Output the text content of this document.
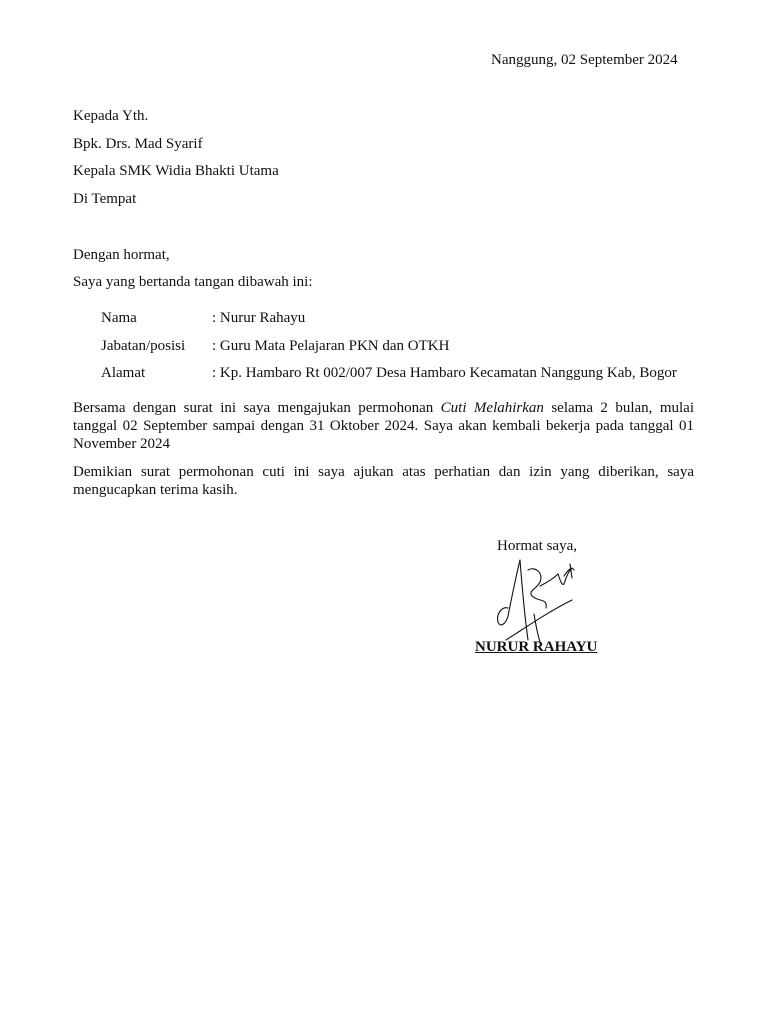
Nanggung, 02 September 2024
Kepada Yth.
Bpk. Drs. Mad Syarif
Kepala SMK Widia Bhakti Utama
Di Tempat
Dengan hormat,
Saya yang bertanda tangan dibawah ini:
Nama	: Nurur Rahayu
Jabatan/posisi : Guru Mata Pelajaran PKN dan OTKH
Alamat	: Kp. Hambaro Rt 002/007 Desa Hambaro Kecamatan Nanggung Kab, Bogor

Bersama dengan surat ini saya mengajukan permohonan Cuti Melahirkan selama 2 bulan, mulai tanggal 02 September sampai dengan 31 Oktober 2024. Saya akan kembali bekerja pada tanggal 01 November 2024

Demikian surat permohonan cuti ini saya ajukan atas perhatian dan izin yang diberikan, saya mengucapkan terima kasih.

Hormat saya,
NURUR RAHAYU
